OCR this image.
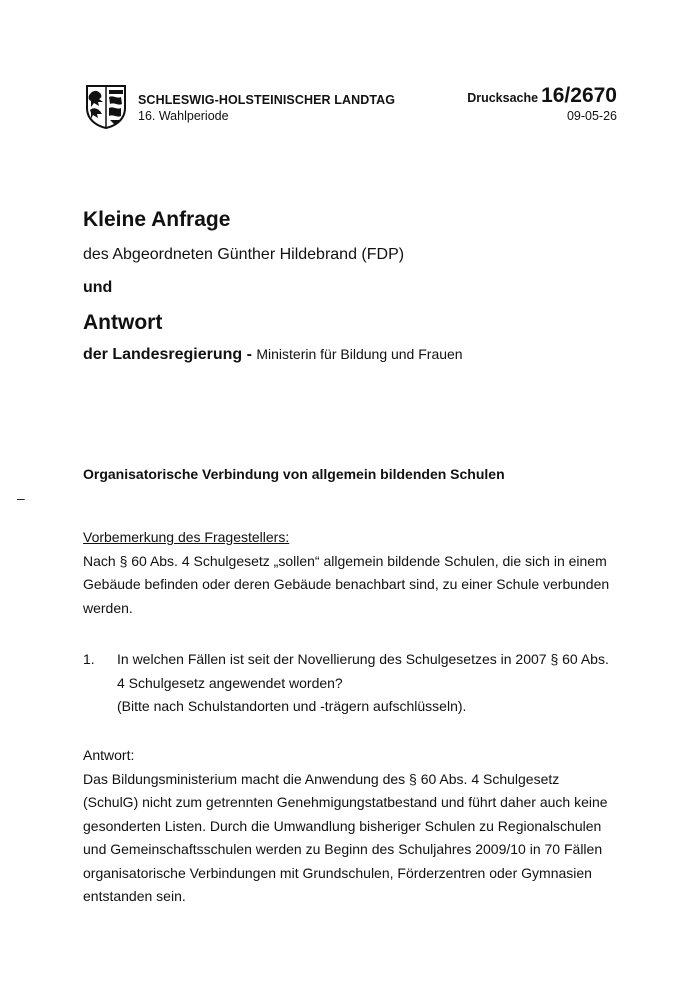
SCHLESWIG-HOLSTEINISCHER LANDTAG
16. Wahlperiode
Drucksache 16/2670
09-05-26
Kleine Anfrage
des Abgeordneten Günther Hildebrand (FDP)
und
Antwort
der Landesregierung - Ministerin für Bildung und Frauen
Organisatorische Verbindung von allgemein bildenden Schulen
–
Vorbemerkung des Fragestellers:
Nach § 60 Abs. 4 Schulgesetz „sollen“ allgemein bildende Schulen, die sich in einem
Gebäude befinden oder deren Gebäude benachbart sind, zu einer Schule verbunden
werden.
1. In welchen Fällen ist seit der Novellierung des Schulgesetzes in 2007 § 60 Abs.
4 Schulgesetz angewendet worden?
(Bitte nach Schulstandorten und -trägern aufschlüsseln).
Antwort:
Das Bildungsministerium macht die Anwendung des § 60 Abs. 4 Schulgesetz
(SchulG) nicht zum getrennten Genehmigungstatbestand und führt daher auch keine
gesonderten Listen. Durch die Umwandlung bisheriger Schulen zu Regionalschulen
und Gemeinschaftsschulen werden zu Beginn des Schuljahres 2009/10 in 70 Fällen
organisatorische Verbindungen mit Grundschulen, Förderzentren oder Gymnasien
entstanden sein.
